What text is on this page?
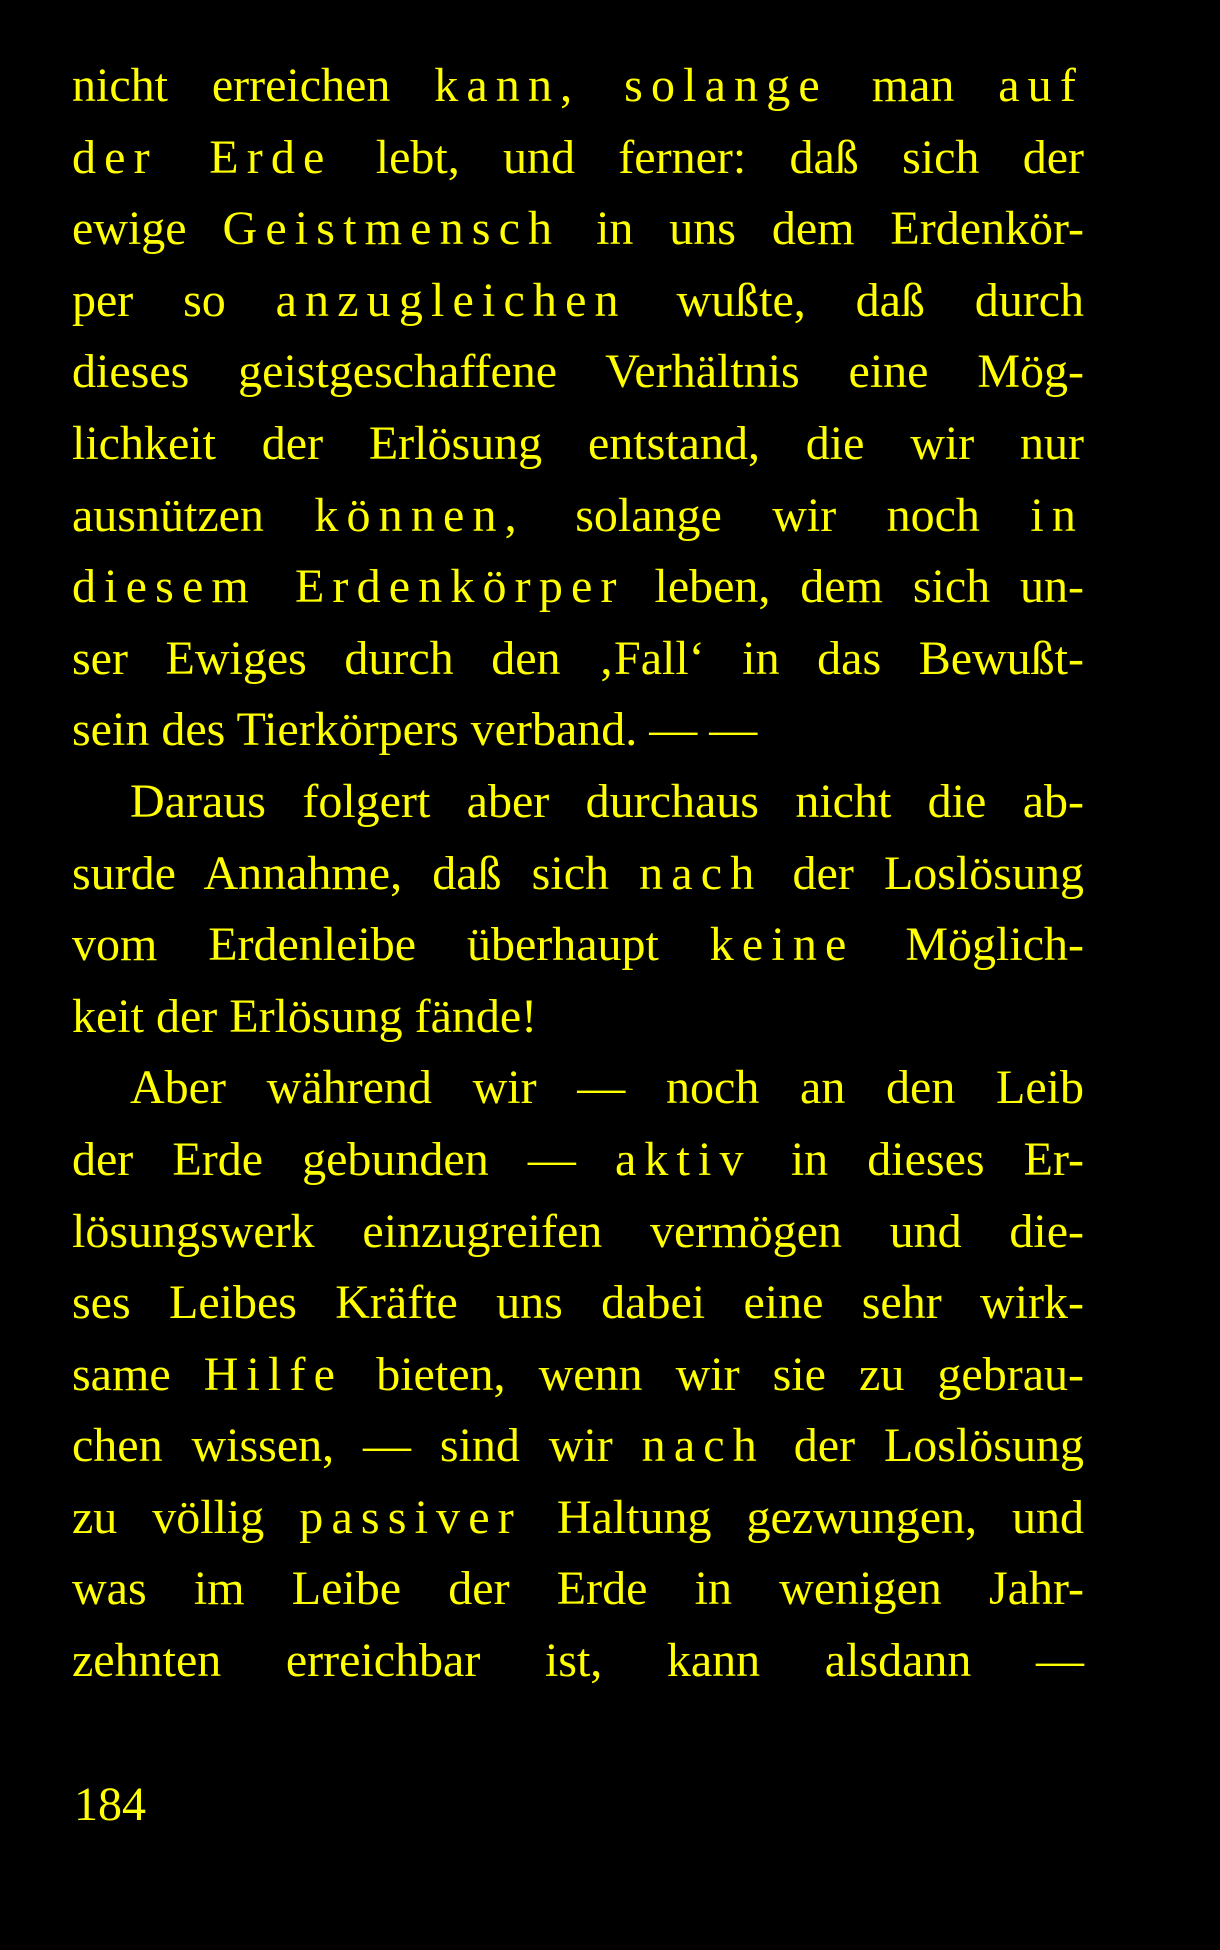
nicht erreichen kann, solange man auf
der Erde lebt, und ferner: daß sich der
ewige Geistmensch in uns dem Erdenkör-
per so anzugleichen wußte, daß durch
dieses geistgeschaffene Verhältnis eine Mög-
lichkeit der Erlösung entstand, die wir nur
ausnützen können, solange wir noch in
diesem Erdenkörper leben, dem sich un-
ser Ewiges durch den ‚Fall‘ in das Bewußt-
sein des Tierkörpers verband. — —
Daraus folgert aber durchaus nicht die ab-
surde Annahme, daß sich nach der Loslösung
vom Erdenleibe überhaupt keine Möglich-
keit der Erlösung fände!
Aber während wir — noch an den Leib
der Erde gebunden — aktiv in dieses Er-
lösungswerk einzugreifen vermögen und die-
ses Leibes Kräfte uns dabei eine sehr wirk-
same Hilfe bieten, wenn wir sie zu gebrau-
chen wissen, — sind wir nach der Loslösung
zu völlig passiver Haltung gezwungen, und
was im Leibe der Erde in wenigen Jahr-
zehnten erreichbar ist, kann alsdann —
184
